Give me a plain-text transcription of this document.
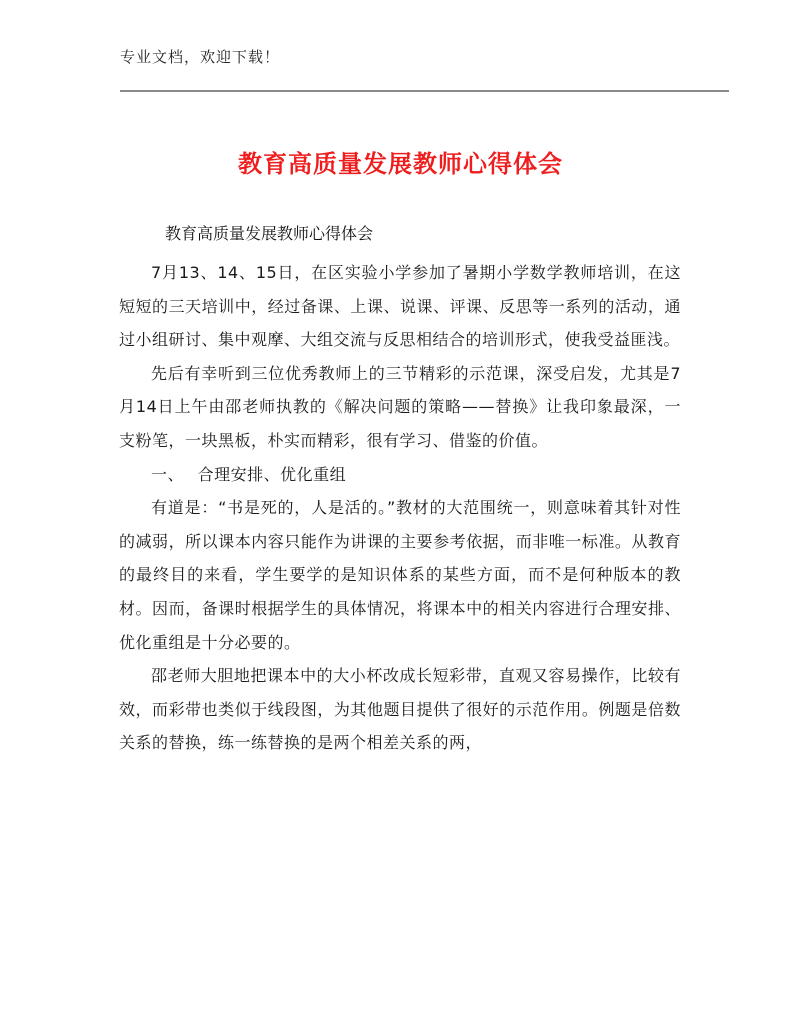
专业文档，欢迎下载！
教育高质量发展教师心得体会
教育高质量发展教师心得体会

7月13、14、15日，在区实验小学参加了暑期小学数学教师培训，在这短短的三天培训中，经过备课、上课、说课、评课、反思等一系列的活动，通过小组研讨、集中观摩、大组交流与反思相结合的培训形式，使我受益匪浅。

先后有幸听到三位优秀教师上的三节精彩的示范课，深受启发，尤其是7月14日上午由邵老师执教的《解决问题的策略——替换》让我印象最深，一支粉笔，一块黑板，朴实而精彩，很有学习、借鉴的价值。

一、 合理安排、优化重组

有道是：“书是死的，人是活的。”教材的大范围统一，则意味着其针对性的减弱，所以课本内容只能作为讲课的主要参考依据，而非唯一标准。从教育的最终目的来看，学生要学的是知识体系的某些方面，而不是何种版本的教材。因而，备课时根据学生的具体情况，将课本中的相关内容进行合理安排、优化重组是十分必要的。

邵老师大胆地把课本中的大小杯改成长短彩带，直观又容易操作，比较有效，而彩带也类似于线段图，为其他题目提供了很好的示范作用。例题是倍数关系的替换，练一练替换的是两个相差关系的两，
